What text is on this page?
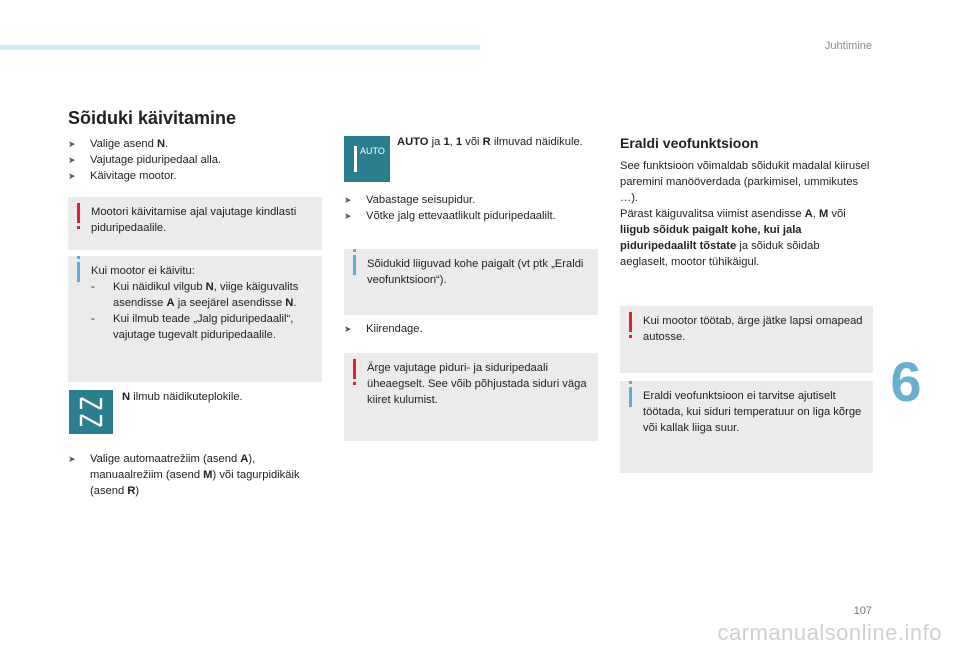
Juhtimine
Sõiduki käivitamine
➤ Valige asend N.
➤ Vajutage piduripedaal alla.
➤ Käivitage mootor.
Mootori käivitamise ajal vajutage kindlasti piduripedaalile.
Kui mootor ei käivitu:
- Kui näidikul vilgub N, viige käiguvalits asendisse A ja seejärel asendisse N.
- Kui ilmub teade „Jalg piduripedaalil“, vajutage tugevalt piduripedaalile.
N ilmub näidikuteplokile.
➤ Valige automaatrežiim (asend A), manuaalrežiim (asend M) või tagurpidikäik (asend R)
AUTO
AUTO ja 1, 1 või R ilmuvad näidikule.
➤ Vabastage seisupidur.
➤ Võtke jalg ettevaatlikult piduripedaalilt.
Sõidukid liiguvad kohe paigalt (vt ptk „Eraldi veofunktsioon“).
➤ Kiirendage.
Ärge vajutage piduri- ja siduripedaali üheaegselt. See võib põhjustada siduri väga kiiret kulumist.
Eraldi veofunktsioon
See funktsioon võimaldab sõidukit madalal kiirusel paremini manööverdada (parkimisel, ummikutes …).
Pärast käiguvalitsa viimist asendisse A, M või liigub sõiduk paigalt kohe, kui jala piduripedaalilt tõstate ja sõiduk sõidab aeglaselt, mootor tühikäigul.
Kui mootor töötab, ärge jätke lapsi omapead autosse.
Eraldi veofunktsioon ei tarvitse ajutiselt töötada, kui siduri temperatuur on liga kõrge või kallak liiga suur.
6
107
carmanualsonline.info
